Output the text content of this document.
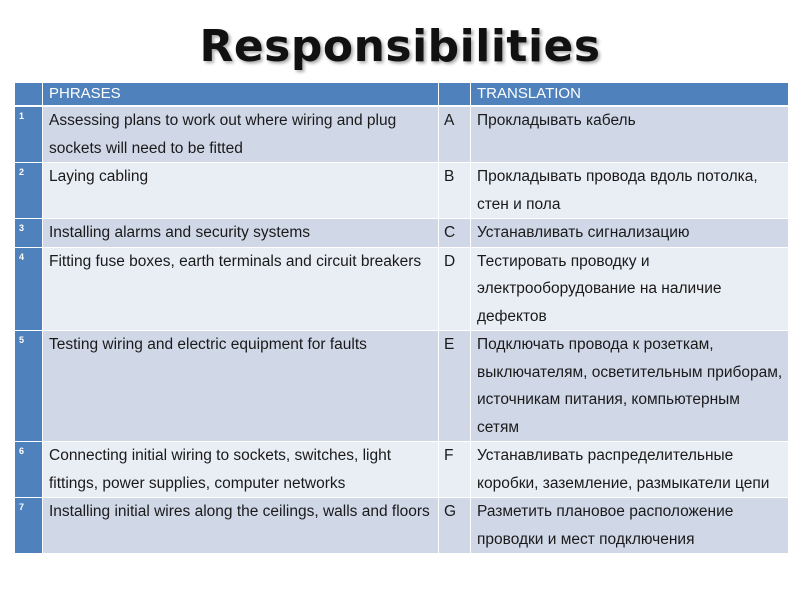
Responsibilities
	PHRASES		TRANSLATION
1	Assessing plans to work out where wiring and plug sockets will need to be fitted	A	Прокладывать кабель
2	Laying cabling	B	Прокладывать провода вдоль потолка, стен и пола
3	Installing alarms and security systems	C	Устанавливать сигнализацию
4	Fitting fuse boxes, earth terminals and circuit breakers	D	Тестировать проводку и электрооборудование на наличие дефектов
5	Testing wiring and electric equipment for faults	E	Подключать провода к розеткам, выключателям, осветительным приборам, источникам питания, компьютерным сетям
6	Connecting initial wiring to sockets, switches, light fittings, power supplies, computer networks	F	Устанавливать распределительные коробки, заземление, размыкатели цепи
7	Installing initial wires along the ceilings, walls and floors	G	Разметить плановое расположение проводки и мест подключения
